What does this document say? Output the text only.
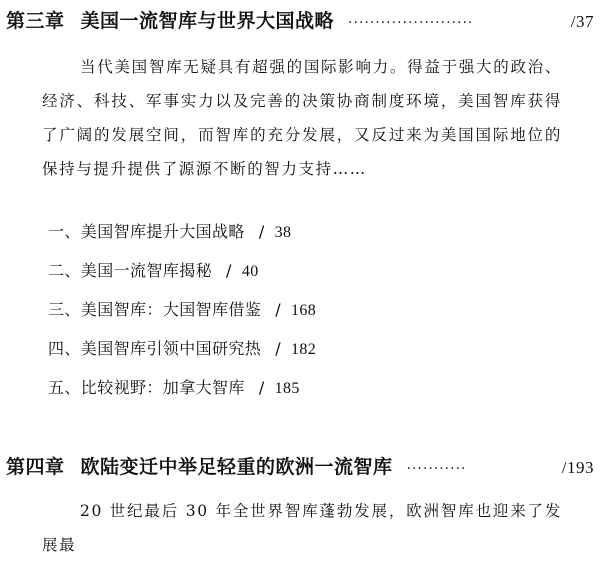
第三章 美国一流智库与世界大国战略 ·······················	/37
当代美国智库无疑具有超强的国际影响力。得益于强大的政治、经济、科技、军事实力以及完善的决策协商制度环境，美国智库获得了广阔的发展空间，而智库的充分发展，又反过来为美国国际地位的保持与提升提供了源源不断的智力支持……
一、美国智库提升大国战略 / 38
二、美国一流智库揭秘 / 40
三、美国智库：大国智库借鉴 / 168
四、美国智库引领中国研究热 / 182
五、比较视野：加拿大智库 / 185
第四章 欧陆变迁中举足轻重的欧洲一流智库 ···········	/193
20 世纪最后 30 年全世界智库蓬勃发展，欧洲智库也迎来了发展最
